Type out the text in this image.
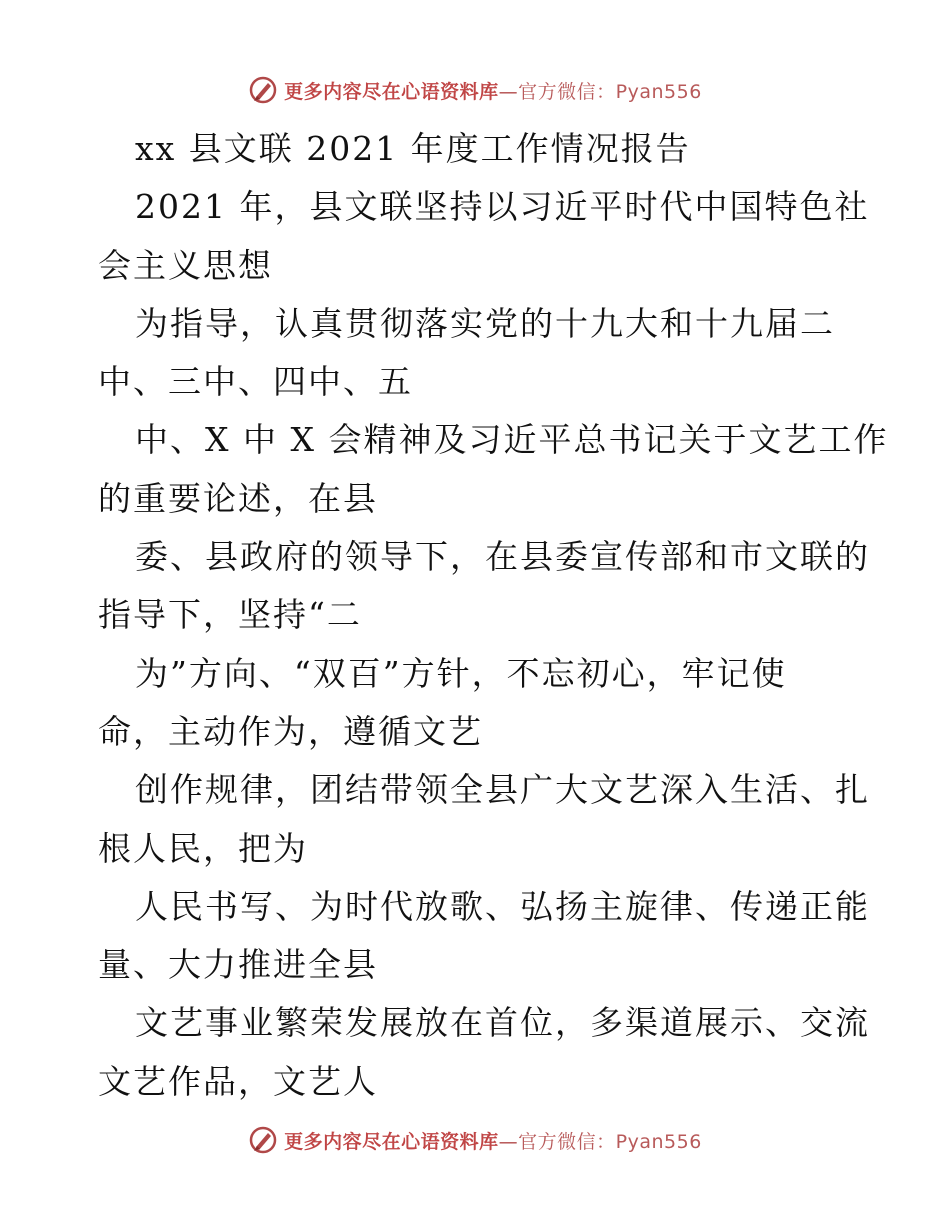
更多内容尽在心语资料库—官方微信：Pyan556
xx 县文联 2021 年度工作情况报告
2021 年，县文联坚持以习近平时代中国特色社
会主义思想
为指导，认真贯彻落实党的十九大和十九届二
中、三中、四中、五
中、X 中 X 会精神及习近平总书记关于文艺工作
的重要论述，在县
委、县政府的领导下，在县委宣传部和市文联的
指导下，坚持“二
为”方向、“双百”方针，不忘初心，牢记使
命，主动作为，遵循文艺
创作规律，团结带领全县广大文艺深入生活、扎
根人民，把为
人民书写、为时代放歌、弘扬主旋律、传递正能
量、大力推进全县
文艺事业繁荣发展放在首位，多渠道展示、交流
文艺作品，文艺人
更多内容尽在心语资料库—官方微信：Pyan556
